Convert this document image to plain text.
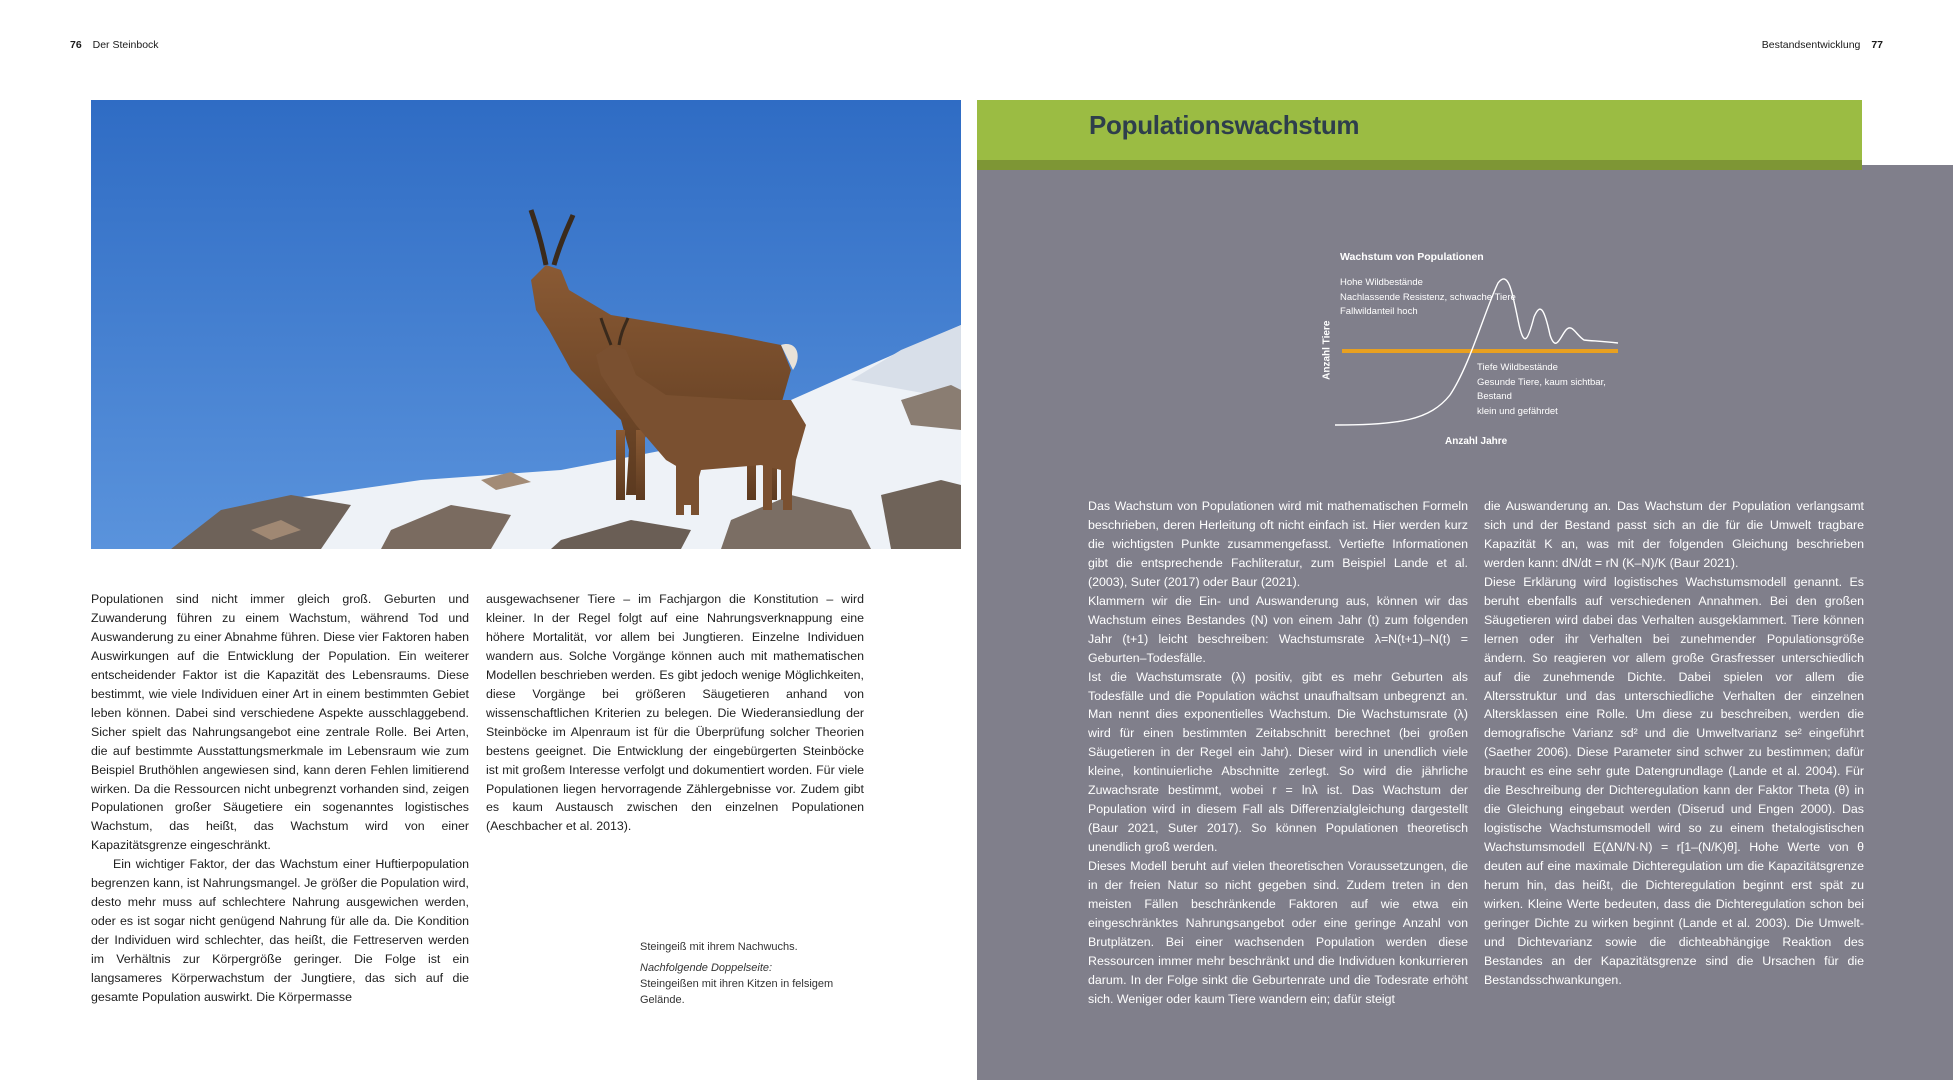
76 Der Steinbock	Bestandsentwicklung 77

Populationen sind nicht immer gleich groß. Geburten und Zuwanderung führen zu einem Wachstum, während Tod und Auswanderung zu einer Abnahme führen. Diese vier Faktoren haben Auswirkungen auf die Entwicklung der Population. Ein weiterer entscheidender Faktor ist die Kapazität des Lebensraums. Diese bestimmt, wie viele Individuen einer Art in einem bestimmten Gebiet leben können. Dabei sind verschiedene Aspekte ausschlaggebend. Sicher spielt das Nahrungsangebot eine zentrale Rolle. Bei Arten, die auf bestimmte Ausstattungsmerkmale im Lebensraum wie zum Beispiel Bruthöhlen angewiesen sind, kann deren Fehlen limitierend wirken. Da die Ressourcen nicht unbegrenzt vorhanden sind, zeigen Populationen großer Säugetiere ein sogenanntes logistisches Wachstum, das heißt, das Wachstum wird von einer Kapazitätsgrenze eingeschränkt.

Ein wichtiger Faktor, der das Wachstum einer Huftierpopulation begrenzen kann, ist Nahrungsmangel. Je größer die Population wird, desto mehr muss auf schlechtere Nahrung ausgewichen werden, oder es ist sogar nicht genügend Nahrung für alle da. Die Kondition der Individuen wird schlechter, das heißt, die Fettreserven werden im Verhältnis zur Körpergröße geringer. Die Folge ist ein langsameres Körperwachstum der Jungtiere, das sich auf die gesamte Population auswirkt. Die Körpermasse

ausgewachsener Tiere – im Fachjargon die Konstitution – wird kleiner. In der Regel folgt auf eine Nahrungsverknappung eine höhere Mortalität, vor allem bei Jungtieren. Einzelne Individuen wandern aus. Solche Vorgänge können auch mit mathematischen Modellen beschrieben werden. Es gibt jedoch wenige Möglichkeiten, diese Vorgänge bei größeren Säugetieren anhand von wissenschaftlichen Kriterien zu belegen. Die Wiederansiedlung der Steinböcke im Alpenraum ist für die Überprüfung solcher Theorien bestens geeignet. Die Entwicklung der eingebürgerten Steinböcke ist mit großem Interesse verfolgt und dokumentiert worden. Für viele Populationen liegen hervorragende Zählergebnisse vor. Zudem gibt es kaum Austausch zwischen den einzelnen Populationen (Aeschbacher et al. 2013).

Steingeiß mit ihrem Nachwuchs.
Nachfolgende Doppelseite:
Steingeißen mit ihren Kitzen in felsigem Gelände.
Populationswachstum
Wachstum von Populationen
Hohe Wildbestände
Nachlassende Resistenz, schwache Tiere
Fallwildanteil hoch
Tiefe Wildbestände
Gesunde Tiere, kaum sichtbar, Bestand
klein und gefährdet
Anzahl Jahre
Anzahl Tiere

Das Wachstum von Populationen wird mit mathematischen Formeln beschrieben, deren Herleitung oft nicht einfach ist. Hier werden kurz die wichtigsten Punkte zusammengefasst. Vertiefte Informationen gibt die entsprechende Fachliteratur, zum Beispiel Lande et al. (2003), Suter (2017) oder Baur (2021).

Klammern wir die Ein- und Auswanderung aus, können wir das Wachstum eines Bestandes (N) von einem Jahr (t) zum folgenden Jahr (t+1) leicht beschreiben: Wachstumsrate λ=N(t+1)–N(t) = Geburten–Todesfälle.

Ist die Wachstumsrate (λ) positiv, gibt es mehr Geburten als Todesfälle und die Population wächst unaufhaltsam unbegrenzt an. Man nennt dies exponentielles Wachstum. Die Wachstumsrate (λ) wird für einen bestimmten Zeitabschnitt berechnet (bei großen Säugetieren in der Regel ein Jahr). Dieser wird in unendlich viele kleine, kontinuierliche Abschnitte zerlegt. So wird die jährliche Zuwachsrate bestimmt, wobei r = lnλ ist. Das Wachstum der Population wird in diesem Fall als Differenzialgleichung dargestellt (Baur 2021, Suter 2017). So können Populationen theoretisch unendlich groß werden.

Dieses Modell beruht auf vielen theoretischen Voraussetzungen, die in der freien Natur so nicht gegeben sind. Zudem treten in den meisten Fällen beschränkende Faktoren auf wie etwa ein eingeschränktes Nahrungsangebot oder eine geringe Anzahl von Brutplätzen. Bei einer wachsenden Population werden diese Ressourcen immer mehr beschränkt und die Individuen konkurrieren darum. In der Folge sinkt die Geburtenrate und die Todesrate erhöht sich. Weniger oder kaum Tiere wandern ein; dafür steigt

die Auswanderung an. Das Wachstum der Population verlangsamt sich und der Bestand passt sich an die für die Umwelt tragbare Kapazität K an, was mit der folgenden Gleichung beschrieben werden kann: dN/dt = rN (K–N)/K (Baur 2021).

Diese Erklärung wird logistisches Wachstumsmodell genannt. Es beruht ebenfalls auf verschiedenen Annahmen. Bei den großen Säugetieren wird dabei das Verhalten ausgeklammert. Tiere können lernen oder ihr Verhalten bei zunehmender Populationsgröße ändern. So reagieren vor allem große Grasfresser unterschiedlich auf die zunehmende Dichte. Dabei spielen vor allem die Altersstruktur und das unterschiedliche Verhalten der einzelnen Altersklassen eine Rolle. Um diese zu beschreiben, werden die demografische Varianz sd² und die Umweltvarianz se² eingeführt (Saether 2006). Diese Parameter sind schwer zu bestimmen; dafür braucht es eine sehr gute Datengrundlage (Lande et al. 2004). Für die Beschreibung der Dichteregulation kann der Faktor Theta (θ) in die Gleichung eingebaut werden (Diserud und Engen 2000). Das logistische Wachstumsmodell wird so zu einem thetalogistischen Wachstumsmodell E(ΔN/N·N) = r[1–(N/K)θ]. Hohe Werte von θ deuten auf eine maximale Dichteregulation um die Kapazitätsgrenze herum hin, das heißt, die Dichteregulation beginnt erst spät zu wirken. Kleine Werte bedeuten, dass die Dichteregulation schon bei geringer Dichte zu wirken beginnt (Lande et al. 2003). Die Umwelt- und Dichtevarianz sowie die dichteabhängige Reaktion des Bestandes an der Kapazitätsgrenze sind die Ursachen für die Bestandsschwankungen.
